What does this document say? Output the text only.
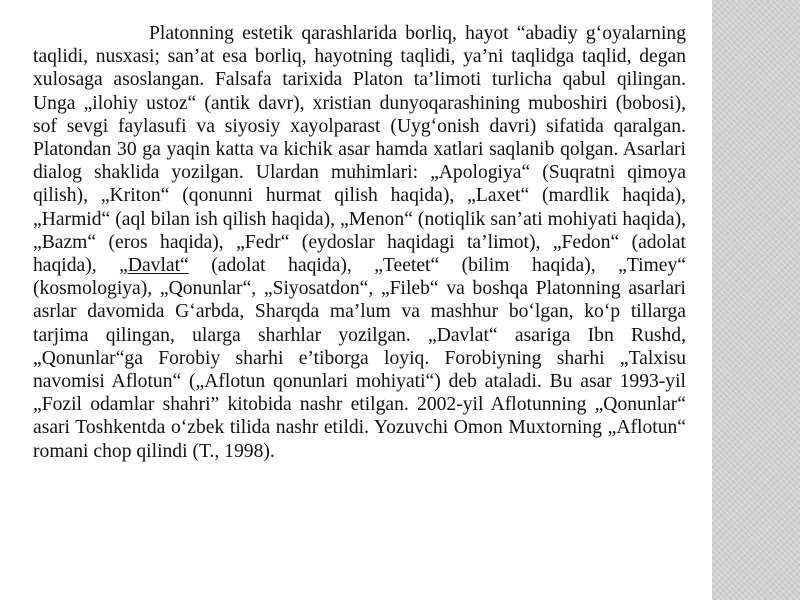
Platonning estetik qarashlarida borliq, hayot “abadiy g‘oyalarning taqlidi, nusxasi; san’at esa borliq, hayotning taqlidi, ya’ni taqlidga taqlid, degan xulosaga asoslangan. Falsafa tarixida Platon ta’limoti turlicha qabul qilingan. Unga „ilohiy ustoz“ (antik davr), xristian dunyoqarashining muboshiri (bobosi), sof sevgi faylasufi va siyosiy xayolparast (Uyg‘onish davri) sifatida qaralgan. Platondan 30 ga yaqin katta va kichik asar hamda xatlari saqlanib qolgan. Asarlari dialog shaklida yozilgan. Ulardan muhimlari: „Apologiya“ (Suqratni qimoya qilish), „Kriton“ (qonunni hurmat qilish haqida), „Laxet“ (mardlik haqida), „Harmid“ (aql bilan ish qilish haqida), „Menon“ (notiqlik san’ati mohiyati haqida), „Bazm“ (eros haqida), „Fedr“ (eydoslar haqidagi ta’limot), „Fedon“ (adolat haqida), „Davlat“ (adolat haqida), „Teetet“ (bilim haqida), „Timey“ (kosmologiya), „Qonunlar“, „Siyosatdon“, „Fileb“ va boshqa Platonning asarlari asrlar davomida G‘arbda, Sharqda ma’lum va mashhur bo‘lgan, ko‘p tillarga tarjima qilingan, ularga sharhlar yozilgan. „Davlat“ asariga Ibn Rushd, „Qonunlar“ga Forobiy sharhi e’tiborga loyiq. Forobiyning sharhi „Talxisu navomisi Aflotun“ („Aflotun qonunlari mohiyati“) deb ataladi. Bu asar 1993-yil „Fozil odamlar shahri” kitobida nashr etilgan. 2002-yil Aflotunning „Qonunlar“ asari Toshkentda o‘zbek tilida nashr etildi. Yozuvchi Omon Muxtorning „Aflotun“ romani chop qilindi (T., 1998).
